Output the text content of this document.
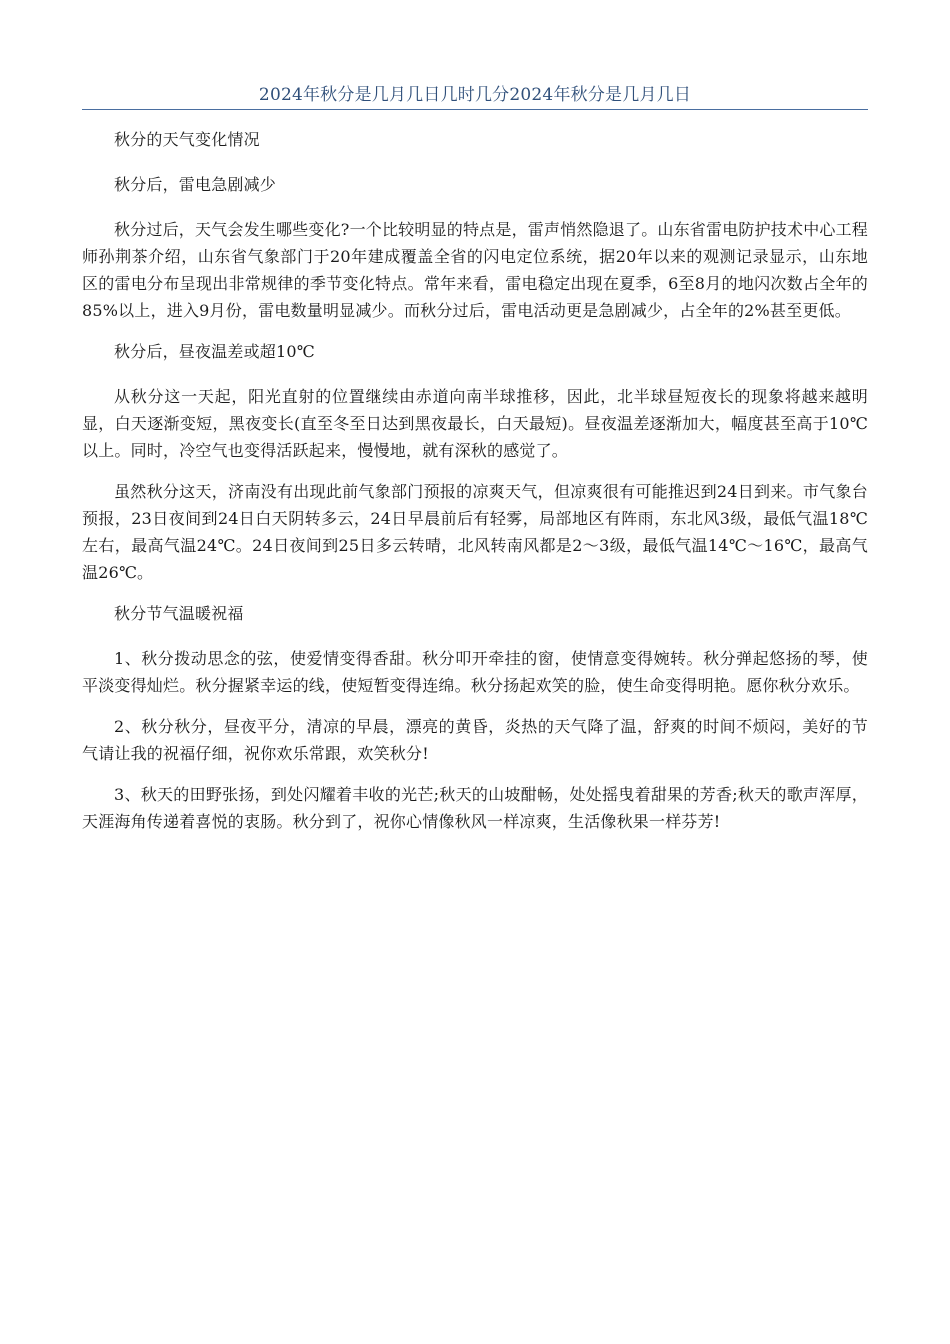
2024年秋分是几月几日几时几分2024年秋分是几月几日

秋分的天气变化情况

秋分后，雷电急剧减少

秋分过后，天气会发生哪些变化?一个比较明显的特点是，雷声悄然隐退了。山东省雷电防护技术中心工程师孙荆茶介绍，山东省气象部门于20年建成覆盖全省的闪电定位系统，据20年以来的观测记录显示，山东地区的雷电分布呈现出非常规律的季节变化特点。常年来看，雷电稳定出现在夏季，6至8月的地闪次数占全年的85%以上，进入9月份，雷电数量明显减少。而秋分过后，雷电活动更是急剧减少，占全年的2%甚至更低。

秋分后，昼夜温差或超10℃

从秋分这一天起，阳光直射的位置继续由赤道向南半球推移，因此，北半球昼短夜长的现象将越来越明显，白天逐渐变短，黑夜变长(直至冬至日达到黑夜最长，白天最短)。昼夜温差逐渐加大，幅度甚至高于10℃以上。同时，冷空气也变得活跃起来，慢慢地，就有深秋的感觉了。

虽然秋分这天，济南没有出现此前气象部门预报的凉爽天气，但凉爽很有可能推迟到24日到来。市气象台预报，23日夜间到24日白天阴转多云，24日早晨前后有轻雾，局部地区有阵雨，东北风3级，最低气温18℃左右，最高气温24℃。24日夜间到25日多云转晴，北风转南风都是2～3级，最低气温14℃～16℃，最高气温26℃。

秋分节气温暖祝福

1、秋分拨动思念的弦，使爱情变得香甜。秋分叩开牵挂的窗，使情意变得婉转。秋分弹起悠扬的琴，使平淡变得灿烂。秋分握紧幸运的线，使短暂变得连绵。秋分扬起欢笑的脸，使生命变得明艳。愿你秋分欢乐。

2、秋分秋分，昼夜平分，清凉的早晨，漂亮的黄昏，炎热的天气降了温，舒爽的时间不烦闷，美好的节气请让我的祝福仔细，祝你欢乐常跟，欢笑秋分!

3、秋天的田野张扬，到处闪耀着丰收的光芒;秋天的山坡酣畅，处处摇曳着甜果的芳香;秋天的歌声浑厚，天涯海角传递着喜悦的衷肠。秋分到了，祝你心情像秋风一样凉爽，生活像秋果一样芬芳!
